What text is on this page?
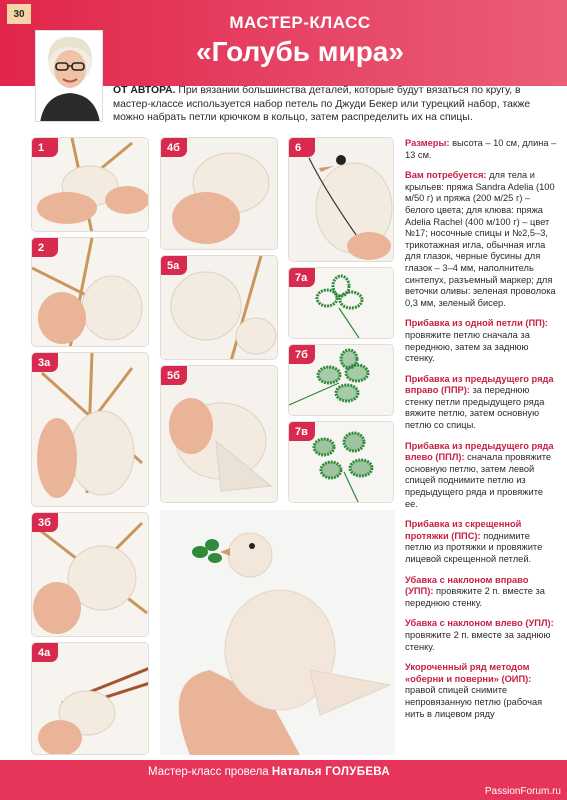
30	МАСТЕР-КЛАСС
«Голубь мира»
ОТ АВТОРА. При вязании большинства деталей, которые будут вязаться по кругу, в мастер-классе используется набор петель по Джуди Бекер или турецкий набор, также можно набрать петли крючком в кольцо, затем распределить их на спицы.
1
2
3а
3б
4а
4б
5а
5б
6
7а
7б
7в

Размеры: высота – 10 см, длина – 13 см.

Вам потребуется: для тела и крыльев: пряжа Sandra Adelia (100 м/50 г) и пряжа (200 м/25 г) – белого цвета; для клюва: пряжа Adelia Rachel (400 м/100 г) – цвет №17; носочные спицы и №2,5–3, трикотажная игла, обычная игла для глазок, черные бусины для глазок – 3–4 мм, наполнитель синтепух, разъемный маркер; для веточки оливы: зеленая проволока 0,3 мм, зеленый бисер.

Прибавка из одной петли (ПП): провяжите петлю сначала за переднюю, затем за заднюю стенку.

Прибавка из предыдущего ряда вправо (ППР): за переднюю стенку петли предыдущего ряда вяжите петлю, затем основную петлю со спицы.

Прибавка из предыдущего ряда влево (ППЛ): сначала провяжите основную петлю, затем левой спицей поднимите петлю из предыдущего ряда и провяжите ее.

Прибавка из скрещенной протяжки (ППС): поднимите петлю из протяжки и провяжите лицевой скрещенной петлей.

Убавка с наклоном вправо (УПП): провяжите 2 п. вместе за переднюю стенку.

Убавка с наклоном влево (УПЛ): провяжите 2 п. вместе за заднюю стенку.

Укороченный ряд методом «оберни и поверни» (ОИП): правой спицей снимите непровязанную петлю (рабочая нить в лицевом ряду

Мастер-класс провела Наталья ГОЛУБЕВА
PassionForum.ru
